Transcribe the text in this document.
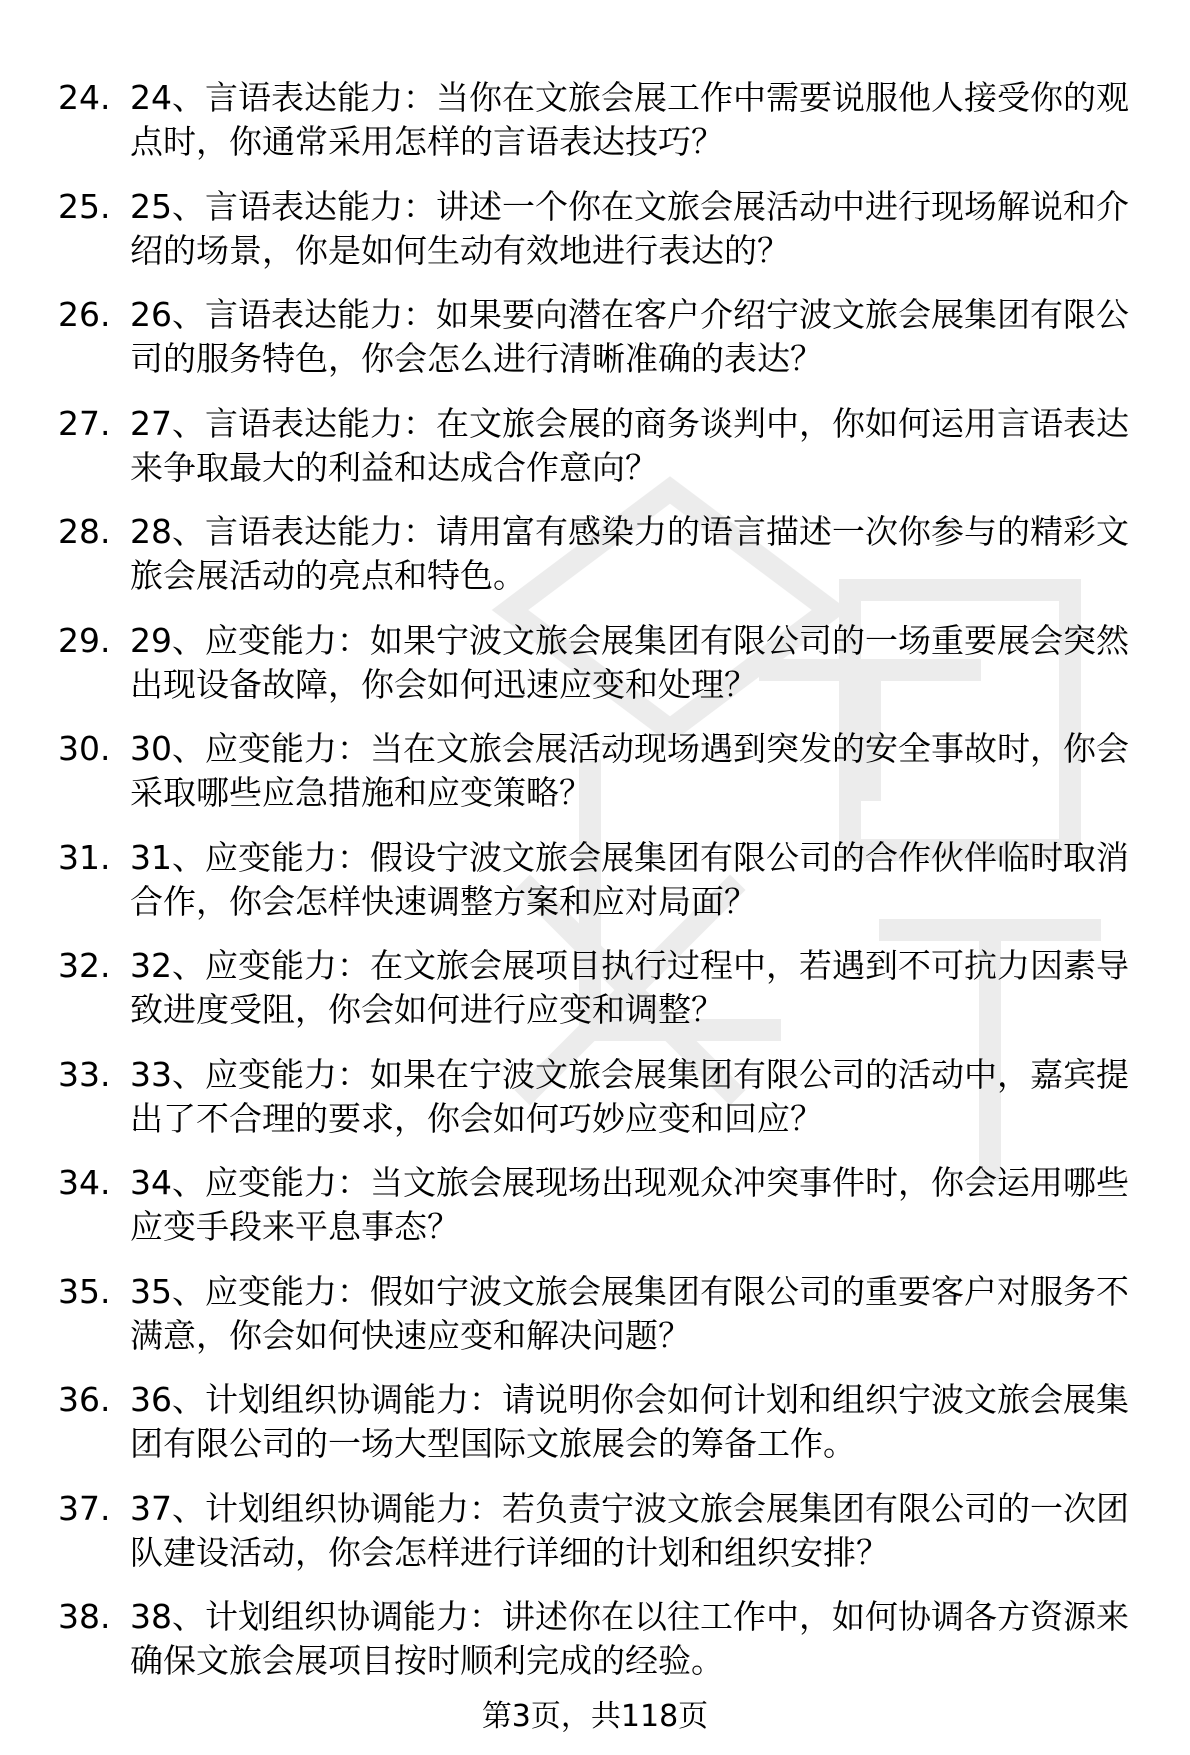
24. 24、言语表达能力：当你在文旅会展工作中需要说服他人接受你的观点时，你通常采用怎样的言语表达技巧？
25. 25、言语表达能力：讲述一个你在文旅会展活动中进行现场解说和介绍的场景，你是如何生动有效地进行表达的？
26. 26、言语表达能力：如果要向潜在客户介绍宁波文旅会展集团有限公司的服务特色，你会怎么进行清晰准确的表达？
27. 27、言语表达能力：在文旅会展的商务谈判中，你如何运用言语表达来争取最大的利益和达成合作意向？
28. 28、言语表达能力：请用富有感染力的语言描述一次你参与的精彩文旅会展活动的亮点和特色。
29. 29、应变能力：如果宁波文旅会展集团有限公司的一场重要展会突然出现设备故障，你会如何迅速应变和处理？
30. 30、应变能力：当在文旅会展活动现场遇到突发的安全事故时，你会采取哪些应急措施和应变策略？
31. 31、应变能力：假设宁波文旅会展集团有限公司的合作伙伴临时取消合作，你会怎样快速调整方案和应对局面？
32. 32、应变能力：在文旅会展项目执行过程中，若遇到不可抗力因素导致进度受阻，你会如何进行应变和调整？
33. 33、应变能力：如果在宁波文旅会展集团有限公司的活动中，嘉宾提出了不合理的要求，你会如何巧妙应变和回应？
34. 34、应变能力：当文旅会展现场出现观众冲突事件时，你会运用哪些应变手段来平息事态？
35. 35、应变能力：假如宁波文旅会展集团有限公司的重要客户对服务不满意，你会如何快速应变和解决问题？
36. 36、计划组织协调能力：请说明你会如何计划和组织宁波文旅会展集团有限公司的一场大型国际文旅展会的筹备工作。
37. 37、计划组织协调能力：若负责宁波文旅会展集团有限公司的一次团队建设活动，你会怎样进行详细的计划和组织安排？
38. 38、计划组织协调能力：讲述你在以往工作中，如何协调各方资源来确保文旅会展项目按时顺利完成的经验。
第3页，共118页
